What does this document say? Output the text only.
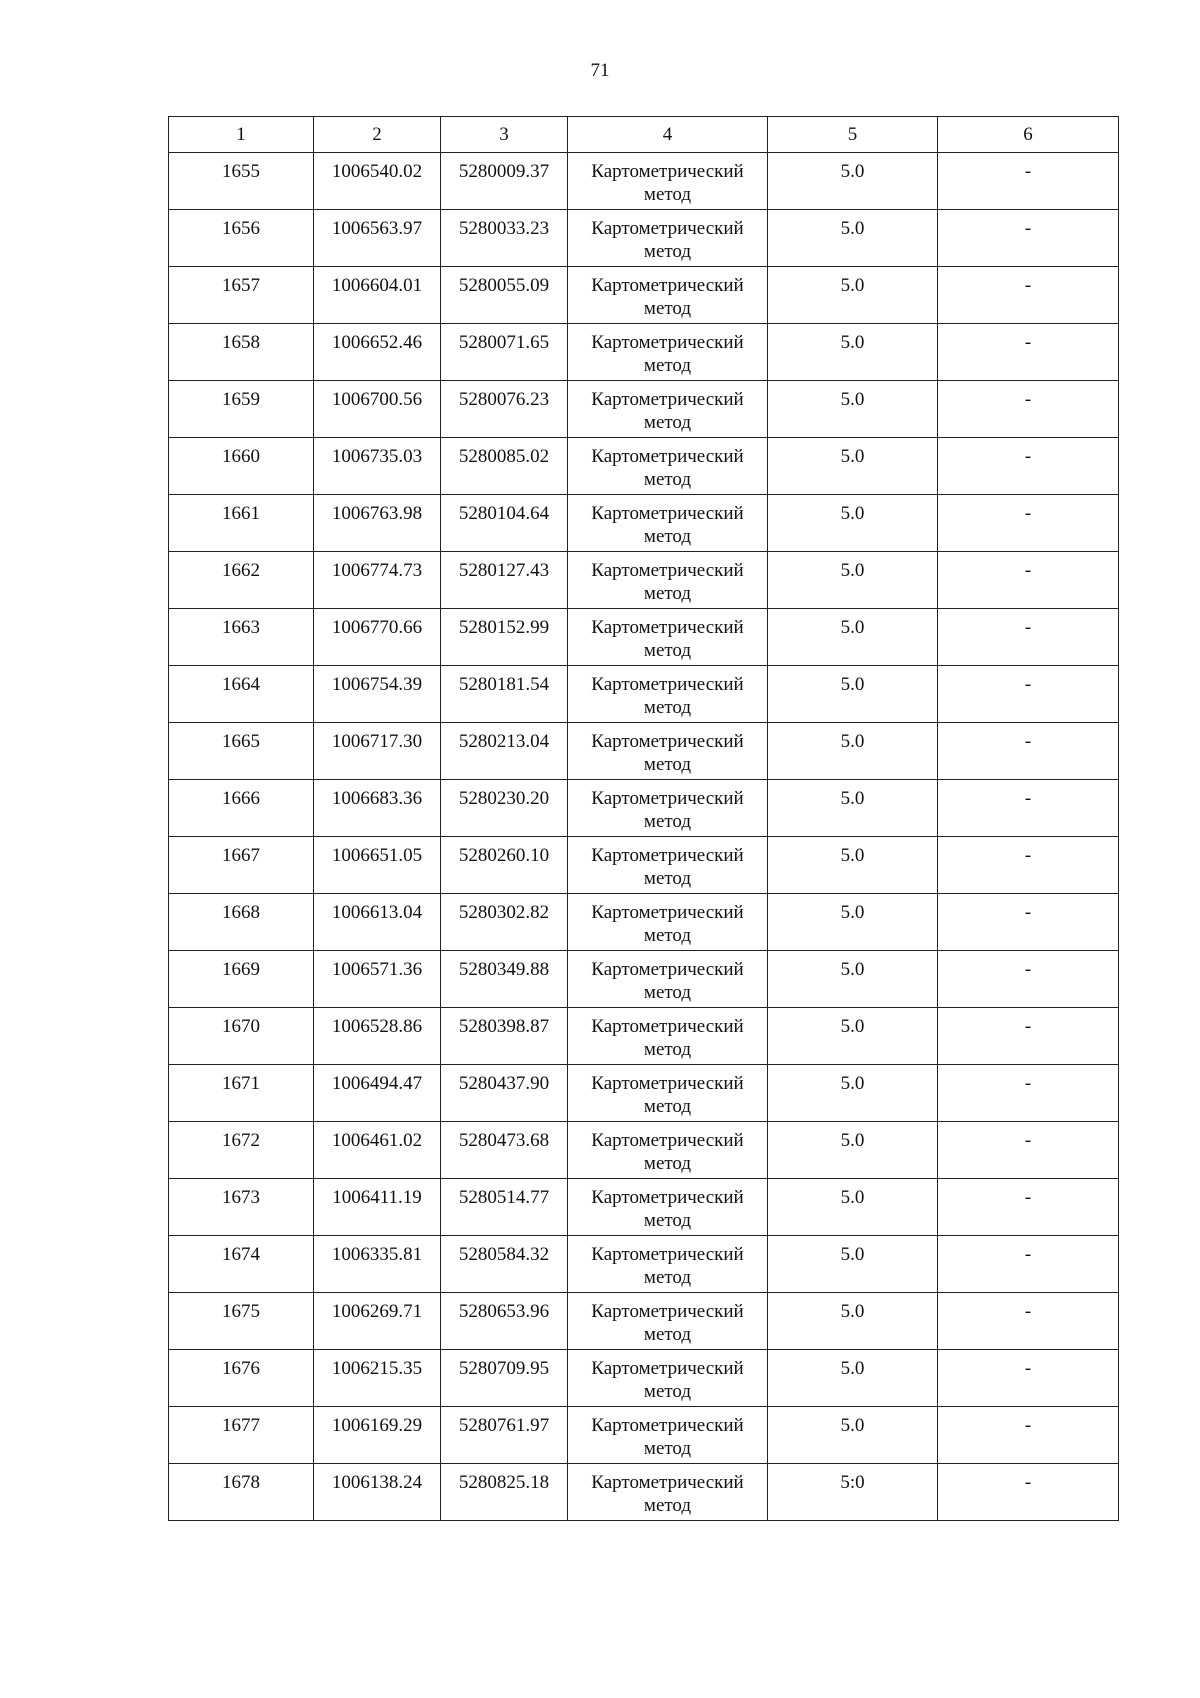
71
1	2	3	4	5	6
1655	1006540.02	5280009.37	Картометрический метод	5.0	-
1656	1006563.97	5280033.23	Картометрический метод	5.0	-
1657	1006604.01	5280055.09	Картометрический метод	5.0	-
1658	1006652.46	5280071.65	Картометрический метод	5.0	-
1659	1006700.56	5280076.23	Картометрический метод	5.0	-
1660	1006735.03	5280085.02	Картометрический метод	5.0	-
1661	1006763.98	5280104.64	Картометрический метод	5.0	-
1662	1006774.73	5280127.43	Картометрический метод	5.0	-
1663	1006770.66	5280152.99	Картометрический метод	5.0	-
1664	1006754.39	5280181.54	Картометрический метод	5.0	-
1665	1006717.30	5280213.04	Картометрический метод	5.0	-
1666	1006683.36	5280230.20	Картометрический метод	5.0	-
1667	1006651.05	5280260.10	Картометрический метод	5.0	-
1668	1006613.04	5280302.82	Картометрический метод	5.0	-
1669	1006571.36	5280349.88	Картометрический метод	5.0	-
1670	1006528.86	5280398.87	Картометрический метод	5.0	-
1671	1006494.47	5280437.90	Картометрический метод	5.0	-
1672	1006461.02	5280473.68	Картометрический метод	5.0	-
1673	1006411.19	5280514.77	Картометрический метод	5.0	-
1674	1006335.81	5280584.32	Картометрический метод	5.0	-
1675	1006269.71	5280653.96	Картометрический метод	5.0	-
1676	1006215.35	5280709.95	Картометрический метод	5.0	-
1677	1006169.29	5280761.97	Картометрический метод	5.0	-
1678	1006138.24	5280825.18	Картометрический метод	5:0	-
